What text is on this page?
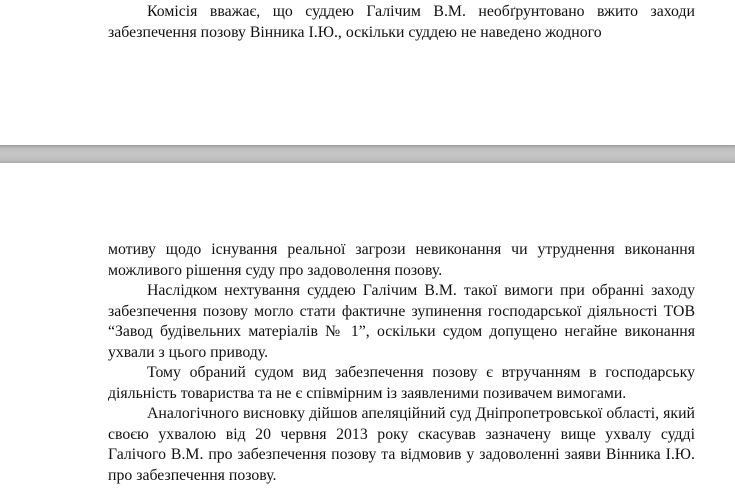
Комісія вважає, що суддею Галічим В.М. необґрунтовано вжито заходи забезпечення позову Вінника І.Ю., оскільки суддею не наведено жодного

мотиву щодо існування реальної загрози невиконання чи утруднення виконання можливого рішення суду про задоволення позову.

Наслідком нехтування суддею Галічим В.М. такої вимоги при обранні заходу забезпечення позову могло стати фактичне зупинення господарської діяльності ТОВ “Завод будівельних матеріалів № 1”, оскільки судом допущено негайне виконання ухвали з цього приводу.

Тому обраний судом вид забезпечення позову є втручанням в господарську діяльність товариства та не є співмірним із заявленими позивачем вимогами.

Аналогічного висновку дійшов апеляційний суд Дніпропетровської області, який своєю ухвалою від 20 червня 2013 року скасував зазначену вище ухвалу судді Галічого В.М. про забезпечення позову та відмовив у задоволенні заяви Вінника І.Ю. про забезпечення позову.
